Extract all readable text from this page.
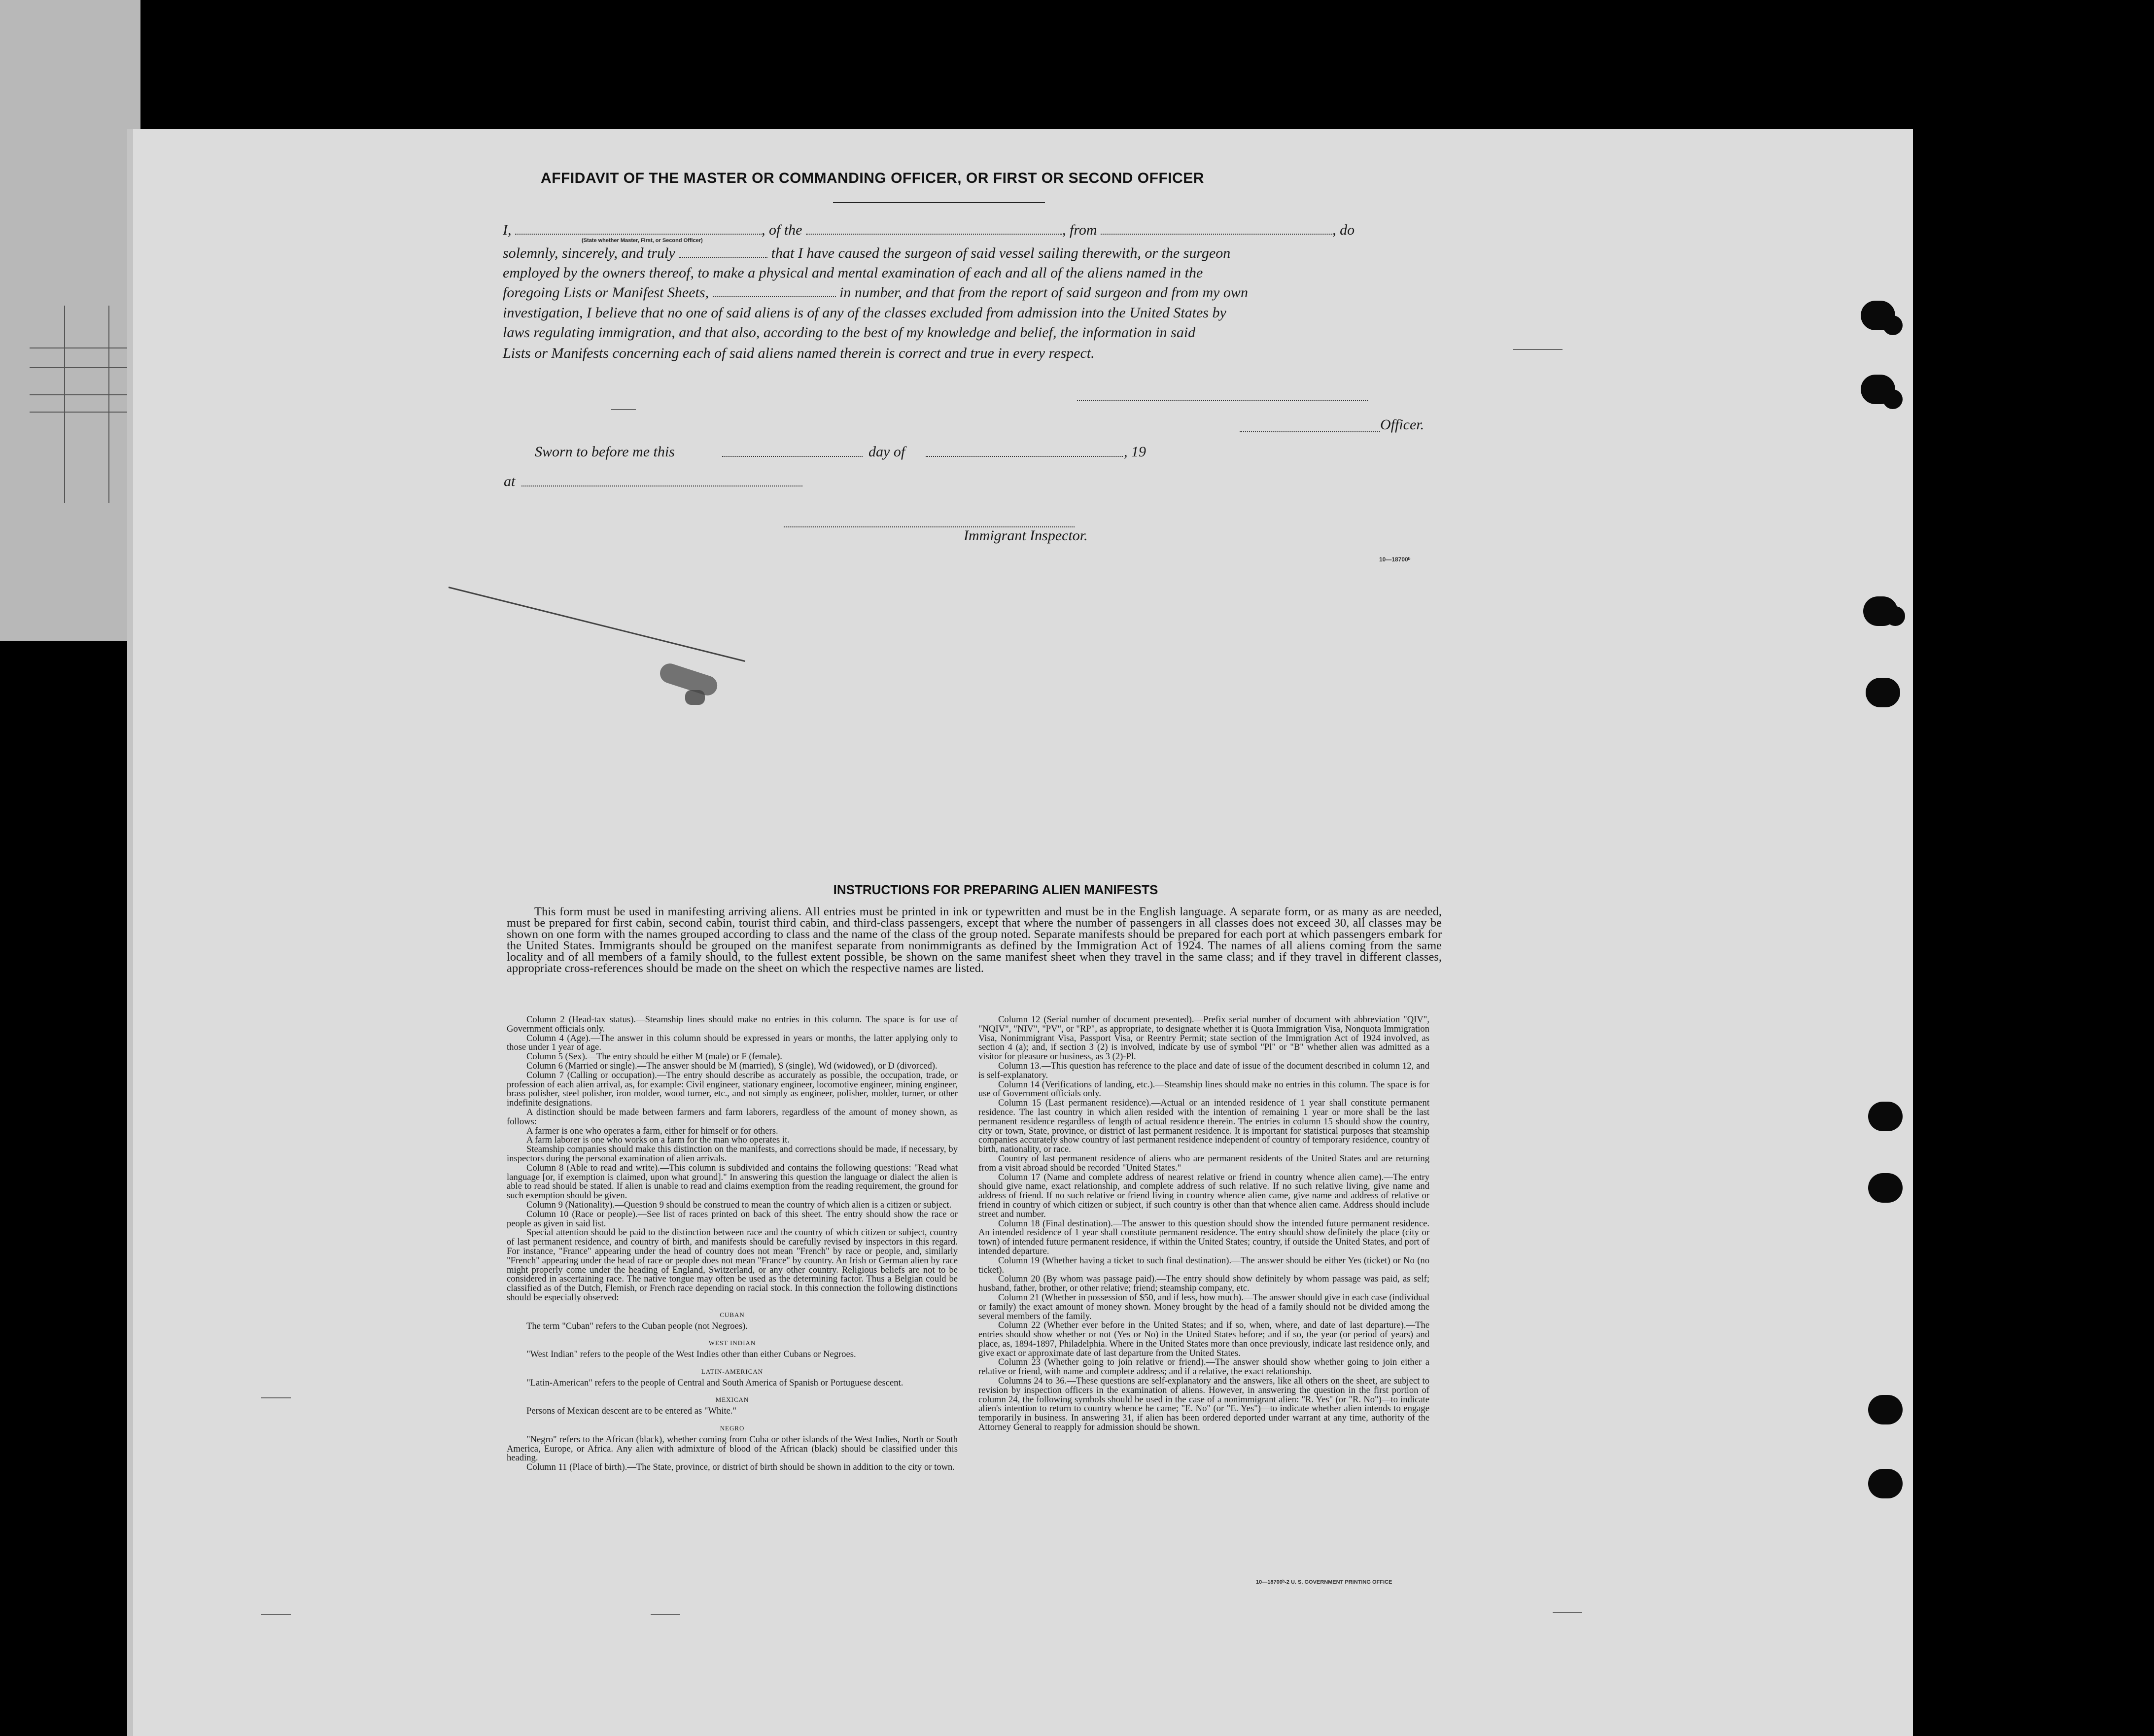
AFFIDAVIT OF THE MASTER OR COMMANDING OFFICER, OR FIRST OR SECOND OFFICER
I,	, of the	, from	, do
(State whether Master, First, or Second Officer)
solemnly, sincerely, and truly	that I have caused the surgeon of said vessel sailing therewith, or the surgeon
employed by the owners thereof, to make a physical and mental examination of each and all of the aliens named in the
foregoing Lists or Manifest Sheets,	in number, and that from the report of said surgeon and from my own
investigation, I believe that no one of said aliens is of any of the classes excluded from admission into the United States by
laws regulating immigration, and that also, according to the best of my knowledge and belief, the information in said
Lists or Manifests concerning each of said aliens named therein is correct and true in every respect.
Officer.
Sworn to before me this	day of	, 19
at
Immigrant Inspector.
10—18700ᵇ
INSTRUCTIONS FOR PREPARING ALIEN MANIFESTS
This form must be used in manifesting arriving aliens. All entries must be printed in ink or typewritten and must be in the English language. A separate form, or as many as are needed, must be prepared for first cabin, second cabin, tourist third cabin, and third-class passengers, except that where the number of passengers in all classes does not exceed 30, all classes may be shown on one form with the names grouped according to class and the name of the class of the group noted. Separate manifests should be prepared for each port at which passengers embark for the United States. Immigrants should be grouped on the manifest separate from nonimmigrants as defined by the Immigration Act of 1924. The names of all aliens coming from the same locality and of all members of a family should, to the fullest extent possible, be shown on the same manifest sheet when they travel in the same class; and if they travel in different classes, appropriate cross-references should be made on the sheet on which the respective names are listed.

Column 2 (Head-tax status).—Steamship lines should make no entries in this column. The space is for use of Government officials only.

Column 4 (Age).—The answer in this column should be expressed in years or months, the latter applying only to those under 1 year of age.

Column 5 (Sex).—The entry should be either M (male) or F (female).

Column 6 (Married or single).—The answer should be M (married), S (single), Wd (widowed), or D (divorced).

Column 7 (Calling or occupation).—The entry should describe as accurately as possible, the occupation, trade, or profession of each alien arrival, as, for example: Civil engineer, stationary engineer, locomotive engineer, mining engineer, brass polisher, steel polisher, iron molder, wood turner, etc., and not simply as engineer, polisher, molder, turner, or other indefinite designations.

A distinction should be made between farmers and farm laborers, regardless of the amount of money shown, as follows:

A farmer is one who operates a farm, either for himself or for others.

A farm laborer is one who works on a farm for the man who operates it.

Steamship companies should make this distinction on the manifests, and corrections should be made, if necessary, by inspectors during the personal examination of alien arrivals.

Column 8 (Able to read and write).—This column is subdivided and contains the following questions: "Read what language [or, if exemption is claimed, upon what ground]." In answering this question the language or dialect the alien is able to read should be stated. If alien is unable to read and claims exemption from the reading requirement, the ground for such exemption should be given.

Column 9 (Nationality).—Question 9 should be construed to mean the country of which alien is a citizen or subject.

Column 10 (Race or people).—See list of races printed on back of this sheet. The entry should show the race or people as given in said list.

Special attention should be paid to the distinction between race and the country of which citizen or subject, country of last permanent residence, and country of birth, and manifests should be carefully revised by inspectors in this regard. For instance, "France" appearing under the head of country does not mean "French" by race or people, and, similarly "French" appearing under the head of race or people does not mean "France" by country. An Irish or German alien by race might properly come under the heading of England, Switzerland, or any other country. Religious beliefs are not to be considered in ascertaining race. The native tongue may often be used as the determining factor. Thus a Belgian could be classified as of the Dutch, Flemish, or French race depending on racial stock. In this connection the following distinctions should be especially observed:

CUBAN

The term "Cuban" refers to the Cuban people (not Negroes).

WEST INDIAN

"West Indian" refers to the people of the West Indies other than either Cubans or Negroes.

LATIN-AMERICAN

"Latin-American" refers to the people of Central and South America of Spanish or Portuguese descent.

MEXICAN

Persons of Mexican descent are to be entered as "White."

NEGRO

"Negro" refers to the African (black), whether coming from Cuba or other islands of the West Indies, North or South America, Europe, or Africa. Any alien with admixture of blood of the African (black) should be classified under this heading.

Column 11 (Place of birth).—The State, province, or district of birth should be shown in addition to the city or town.

Column 12 (Serial number of document presented).—Prefix serial number of document with abbreviation "QIV", "NQIV", "NIV", "PV", or "RP", as appropriate, to designate whether it is Quota Immigration Visa, Nonquota Immigration Visa, Nonimmigrant Visa, Passport Visa, or Reentry Permit; state section of the Immigration Act of 1924 involved, as section 4 (a); and, if section 3 (2) is involved, indicate by use of symbol "Pl" or "B" whether alien was admitted as a visitor for pleasure or business, as 3 (2)-Pl.

Column 13.—This question has reference to the place and date of issue of the document described in column 12, and is self-explanatory.

Column 14 (Verifications of landing, etc.).—Steamship lines should make no entries in this column. The space is for use of Government officials only.

Column 15 (Last permanent residence).—Actual or an intended residence of 1 year shall constitute permanent residence. The last country in which alien resided with the intention of remaining 1 year or more shall be the last permanent residence regardless of length of actual residence therein. The entries in column 15 should show the country, city or town, State, province, or district of last permanent residence. It is important for statistical purposes that steamship companies accurately show country of last permanent residence independent of country of temporary residence, country of birth, nationality, or race.

Country of last permanent residence of aliens who are permanent residents of the United States and are returning from a visit abroad should be recorded "United States."

Column 17 (Name and complete address of nearest relative or friend in country whence alien came).—The entry should give name, exact relationship, and complete address of such relative. If no such relative living, give name and address of friend. If no such relative or friend living in country whence alien came, give name and address of relative or friend in country of which citizen or subject, if such country is other than that whence alien came. Address should include street and number.

Column 18 (Final destination).—The answer to this question should show the intended future permanent residence. An intended residence of 1 year shall constitute permanent residence. The entry should show definitely the place (city or town) of intended future permanent residence, if within the United States; country, if outside the United States, and port of intended departure.

Column 19 (Whether having a ticket to such final destination).—The answer should be either Yes (ticket) or No (no ticket).

Column 20 (By whom was passage paid).—The entry should show definitely by whom passage was paid, as self; husband, father, brother, or other relative; friend; steamship company, etc.

Column 21 (Whether in possession of $50, and if less, how much).—The answer should give in each case (individual or family) the exact amount of money shown. Money brought by the head of a family should not be divided among the several members of the family.

Column 22 (Whether ever before in the United States; and if so, when, where, and date of last departure).—The entries should show whether or not (Yes or No) in the United States before; and if so, the year (or period of years) and place, as, 1894-1897, Philadelphia. Where in the United States more than once previously, indicate last residence only, and give exact or approximate date of last departure from the United States.

Column 23 (Whether going to join relative or friend).—The answer should show whether going to join either a relative or friend, with name and complete address; and if a relative, the exact relationship.

Columns 24 to 36.—These questions are self-explanatory and the answers, like all others on the sheet, are subject to revision by inspection officers in the examination of aliens. However, in answering the question in the first portion of column 24, the following symbols should be used in the case of a nonimmigrant alien: "R. Yes" (or "R. No")—to indicate alien's intention to return to country whence he came; "E. No" (or "E. Yes")—to indicate whether alien intends to engage temporarily in business. In answering 31, if alien has been ordered deported under warrant at any time, authority of the Attorney General to reapply for admission should be shown.

10—18700ᵇ-2 U. S. GOVERNMENT PRINTING OFFICE
